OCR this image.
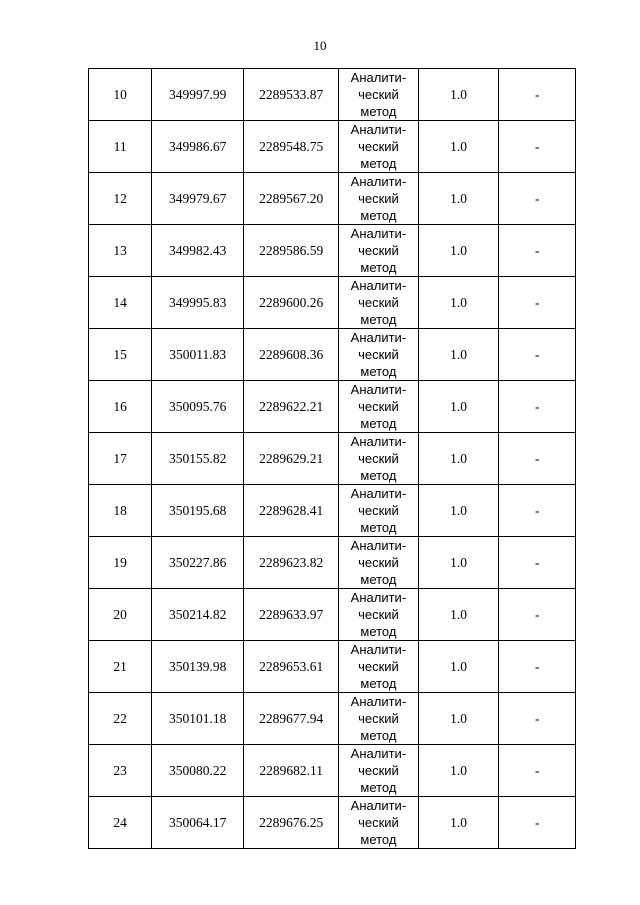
10
10	349997.99	2289533.87	Аналити-
ческий
метод	1.0	-
11	349986.67	2289548.75	Аналити-
ческий
метод	1.0	-
12	349979.67	2289567.20	Аналити-
ческий
метод	1.0	-
13	349982.43	2289586.59	Аналити-
ческий
метод	1.0	-
14	349995.83	2289600.26	Аналити-
ческий
метод	1.0	-
15	350011.83	2289608.36	Аналити-
ческий
метод	1.0	-
16	350095.76	2289622.21	Аналити-
ческий
метод	1.0	-
17	350155.82	2289629.21	Аналити-
ческий
метод	1.0	-
18	350195.68	2289628.41	Аналити-
ческий
метод	1.0	-
19	350227.86	2289623.82	Аналити-
ческий
метод	1.0	-
20	350214.82	2289633.97	Аналити-
ческий
метод	1.0	-
21	350139.98	2289653.61	Аналити-
ческий
метод	1.0	-
22	350101.18	2289677.94	Аналити-
ческий
метод	1.0	-
23	350080.22	2289682.11	Аналити-
ческий
метод	1.0	-
24	350064.17	2289676.25	Аналити-
ческий
метод	1.0	-
